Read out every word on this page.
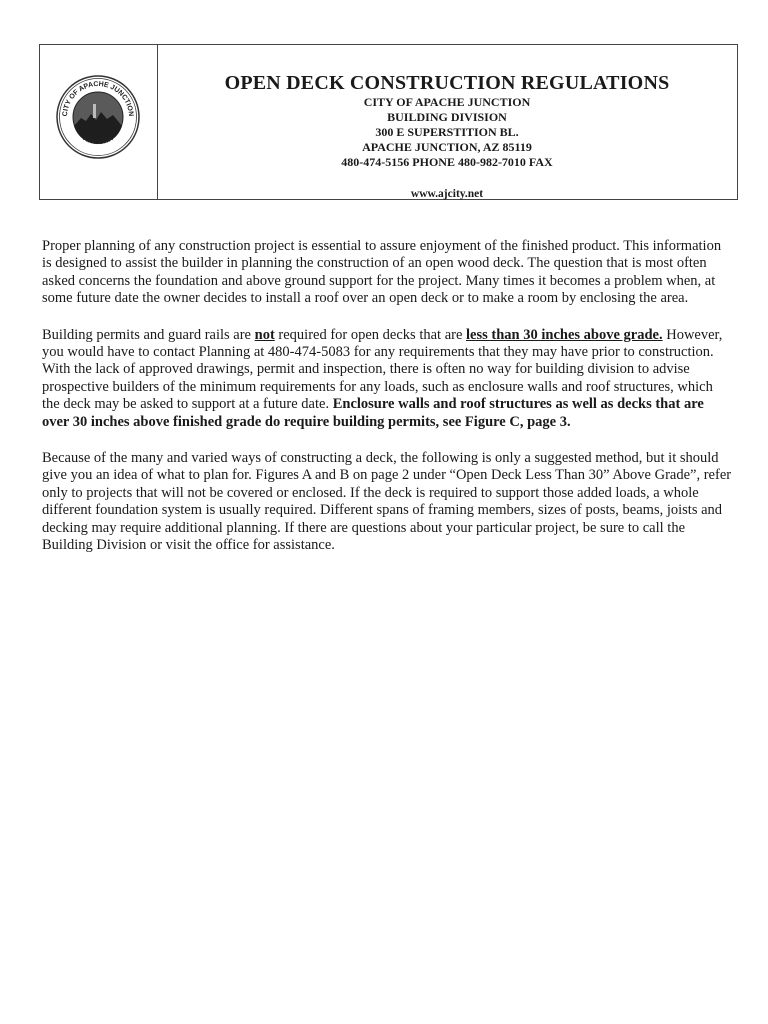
CITY OF APACHE JUNCTION
ARIZONA
OPEN DECK CONSTRUCTION REGULATIONS
CITY OF APACHE JUNCTION
BUILDING DIVISION
300 E SUPERSTITION BL.
APACHE JUNCTION, AZ 85119
480-474-5156 PHONE 480-982-7010 FAX
www.ajcity.net

Proper planning of any construction project is essential to assure enjoyment of the finished product. This information is designed to assist the builder in planning the construction of an open wood deck. The question that is most often asked concerns the foundation and above ground support for the project. Many times it becomes a problem when, at some future date the owner decides to install a roof over an open deck or to make a room by enclosing the area.

Building permits and guard rails are not required for open decks that are less than 30 inches above grade. However, you would have to contact Planning at 480-474-5083 for any requirements that they may have prior to construction. With the lack of approved drawings, permit and inspection, there is often no way for building division to advise prospective builders of the minimum requirements for any loads, such as enclosure walls and roof structures, which the deck may be asked to support at a future date. Enclosure walls and roof structures as well as decks that are over 30 inches above finished grade do require building permits, see Figure C, page 3.

Because of the many and varied ways of constructing a deck, the following is only a suggested method, but it should give you an idea of what to plan for. Figures A and B on page 2 under “Open Deck Less Than 30” Above Grade”, refer only to projects that will not be covered or enclosed. If the deck is required to support those added loads, a whole different foundation system is usually required. Different spans of framing members, sizes of posts, beams, joists and decking may require additional planning. If there are questions about your particular project, be sure to call the Building Division or visit the office for assistance.
